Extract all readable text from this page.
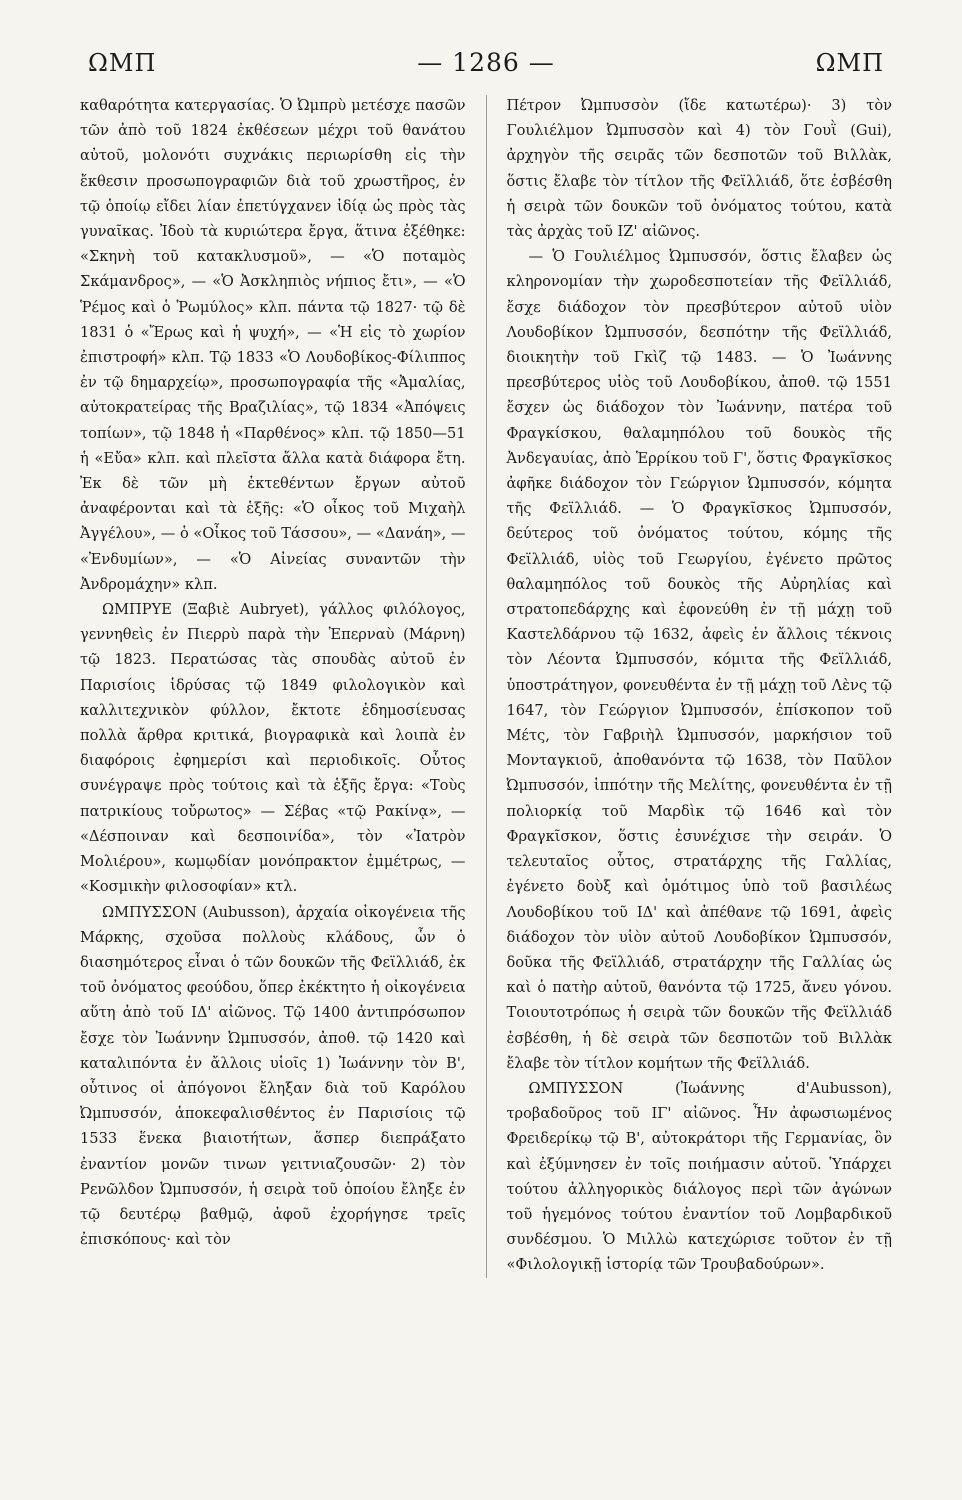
ΩΜΠ	— 1286 —	ΩΜΠ

καθαρότητα κατεργασίας. Ὁ Ὠμπρὺ μετέσχε πασῶν τῶν ἀπὸ τοῦ 1824 ἐκθέσεων μέχρι τοῦ θανάτου αὐτοῦ, μολονότι συχνάκις περιωρίσθη εἰς τὴν ἔκθεσιν προσωπογραφιῶν διὰ τοῦ χρωστῆρος, ἐν τῷ ὁποίῳ εἴδει λίαν ἐπετύγχανεν ἰδίᾳ ὡς πρὸς τὰς γυναῖκας. Ἰδοὺ τὰ κυριώτερα ἔργα, ἅτινα ἐξέθηκε: «Σκηνὴ τοῦ κατακλυσμοῦ», — «Ὁ ποταμὸς Σκάμανδρος», — «Ὁ Ἀσκληπιὸς νήπιος ἔτι», — «Ὁ Ῥέμος καὶ ὁ Ῥωμύλος» κλπ. πάντα τῷ 1827· τῷ δὲ 1831 ὁ «Ἔρως καὶ ἡ ψυχή», — «Ἡ εἰς τὸ χωρίον ἐπιστροφή» κλπ. Τῷ 1833 «Ὁ Λουδοβίκος-Φίλιππος ἐν τῷ δημαρχείῳ», προσωπογραφία τῆς «Ἀμαλίας, αὐτοκρατείρας τῆς Βραζιλίας», τῷ 1834 «Ἀπόψεις τοπίων», τῷ 1848 ἡ «Παρθένος» κλπ. τῷ 1850—51 ἡ «Εὔα» κλπ. καὶ πλεῖστα ἄλλα κατὰ διάφορα ἔτη. Ἐκ δὲ τῶν μὴ ἐκτεθέντων ἔργων αὐτοῦ ἀναφέρονται καὶ τὰ ἑξῆς: «Ὁ οἶκος τοῦ Μιχαὴλ Ἀγγέλου», — ὁ «Οἶκος τοῦ Τάσσου», — «Δανάη», — «Ἐνδυμίων», — «Ὁ Αἰνείας συναντῶν τὴν Ἀνδρομάχην» κλπ.

ΩΜΠΡΥΕ (Ξαβιὲ Aubryet), γάλλος φιλόλογος, γεννηθεὶς ἐν Πιερρὺ παρὰ τὴν Ἐπερναὺ (Μάρνη) τῷ 1823. Περατώσας τὰς σπουδὰς αὐτοῦ ἐν Παρισίοις ἱδρύσας τῷ 1849 φιλολογικὸν καὶ καλλιτεχνικὸν φύλλον, ἔκτοτε ἐδημοσίευσας πολλὰ ἄρθρα κριτικά, βιογραφικὰ καὶ λοιπὰ ἐν διαφόροις ἐφημερίσι καὶ περιοδικοῖς. Οὗτος συνέγραψε πρὸς τούτοις καὶ τὰ ἑξῆς ἔργα: «Τοὺς πατρικίους τοὔρωτος» — Σέβας «τῷ Ρακίνᾳ», — «Δέσποιναν καὶ δεσποινίδα», τὸν «Ἰατρὸν Μολιέρου», κωμῳδίαν μονόπρακτον ἐμμέτρως, — «Κοσμικὴν φιλοσοφίαν» κτλ.

ΩΜΠΥΣΣΟΝ (Aubusson), ἀρχαία οἰκογένεια τῆς Μάρκης, σχοῦσα πολλοὺς κλάδους, ὧν ὁ διασημότερος εἶναι ὁ τῶν δουκῶν τῆς Φεϊλλιάδ, ἐκ τοῦ ὀνόματος φεούδου, ὅπερ ἐκέκτητο ἡ οἰκογένεια αὕτη ἀπὸ τοῦ ΙΔ' αἰῶνος. Τῷ 1400 ἀντιπρόσωπον ἔσχε τὸν Ἰωάννην Ὠμπυσσόν, ἀποθ. τῷ 1420 καὶ καταλιπόντα ἐν ἄλλοις υἱοῖς 1) Ἰωάννην τὸν Β', οὗτινος οἱ ἀπόγονοι ἔληξαν διὰ τοῦ Καρόλου Ὠμπυσσόν, ἀποκεφαλισθέντος ἐν Παρισίοις τῷ 1533 ἕνεκα βιαιοτήτων, ἅσπερ διεπράξατο ἐναντίον μονῶν τινων γειτνιαζουσῶν· 2) τὸν Ρενῶλδον Ὠμπυσσόν, ἡ σειρὰ τοῦ ὁποίου ἔληξε ἐν τῷ δευτέρῳ βαθμῷ, ἀφοῦ ἐχορήγησε τρεῖς ἐπισκόπους· καὶ τὸν

Πέτρον Ὠμπυσσὸν (ἴδε κατωτέρω)· 3) τὸν Γουλιέλμον Ὠμπυσσὸν καὶ 4) τὸν Γουῒ (Gui), ἀρχηγὸν τῆς σειρᾶς τῶν δεσποτῶν τοῦ Βιλλὰκ, ὅστις ἔλαβε τὸν τίτλον τῆς Φεϊλλιάδ, ὅτε ἐσβέσθη ἡ σειρὰ τῶν δουκῶν τοῦ ὀνόματος τούτου, κατὰ τὰς ἀρχὰς τοῦ ΙΖ' αἰῶνος.

— Ὁ Γουλιέλμος Ὠμπυσσόν, ὅστις ἔλαβεν ὡς κληρονομίαν τὴν χωροδεσποτείαν τῆς Φεϊλλιάδ, ἔσχε διάδοχον τὸν πρεσβύτερον αὐτοῦ υἱὸν Λουδοβίκον Ὠμπυσσόν, δεσπότην τῆς Φεϊλλιάδ, διοικητὴν τοῦ Γκὶζ τῷ 1483. — Ὁ Ἰωάννης πρεσβύτερος υἱὸς τοῦ Λουδοβίκου, ἀποθ. τῷ 1551 ἔσχεν ὡς διάδοχον τὸν Ἰωάννην, πατέρα τοῦ Φραγκίσκου, θαλαμηπόλου τοῦ δουκὸς τῆς Ἀνδεγαυίας, ἀπὸ Ἑρρίκου τοῦ Γ', ὅστις Φραγκῖσκος ἀφῆκε διάδοχον τὸν Γεώργιον Ὠμπυσσόν, κόμητα τῆς Φεϊλλιάδ. — Ὁ Φραγκῖσκος Ὠμπυσσόν, δεύτερος τοῦ ὀνόματος τούτου, κόμης τῆς Φεϊλλιάδ, υἱὸς τοῦ Γεωργίου, ἐγένετο πρῶτος θαλαμηπόλος τοῦ δουκὸς τῆς Αὐρηλίας καὶ στρατοπεδάρχης καὶ ἐφονεύθη ἐν τῇ μάχῃ τοῦ Καστελδάρνου τῷ 1632, ἀφεὶς ἐν ἄλλοις τέκνοις τὸν Λέοντα Ὠμπυσσόν, κόμιτα τῆς Φεϊλλιάδ, ὑποστράτηγον, φονευθέντα ἐν τῇ μάχῃ τοῦ Λὲνς τῷ 1647, τὸν Γεώργιον Ὠμπυσσόν, ἐπίσκοπον τοῦ Μέτς, τὸν Γαβριὴλ Ὠμπυσσόν, μαρκήσιον τοῦ Μονταγκιοῦ, ἀποθανόντα τῷ 1638, τὸν Παῦλον Ὠμπυσσόν, ἱππότην τῆς Μελίτης, φονευθέντα ἐν τῇ πολιορκίᾳ τοῦ Μαρδὶκ τῷ 1646 καὶ τὸν Φραγκῖσκον, ὅστις ἐσυνέχισε τὴν σειράν. Ὁ τελευταῖος οὗτος, στρατάρχης τῆς Γαλλίας, ἐγένετο δοὺξ καὶ ὁμότιμος ὑπὸ τοῦ βασιλέως Λουδοβίκου τοῦ ΙΔ' καὶ ἀπέθανε τῷ 1691, ἀφεὶς διάδοχον τὸν υἱὸν αὐτοῦ Λουδοβίκον Ὠμπυσσόν, δοῦκα τῆς Φεϊλλιάδ, στρατάρχην τῆς Γαλλίας ὡς καὶ ὁ πατὴρ αὐτοῦ, θανόντα τῷ 1725, ἄνευ γόνου. Τοιουτοτρόπως ἡ σειρὰ τῶν δουκῶν τῆς Φεϊλλιάδ ἐσβέσθη, ἡ δὲ σειρὰ τῶν δεσποτῶν τοῦ Βιλλὰκ ἔλαβε τὸν τίτλον κομήτων τῆς Φεϊλλιάδ.

ΩΜΠΥΣΣΟΝ (Ἰωάννης d'Aubusson), τροβαδοῦρος τοῦ ΙΓ' αἰῶνος. Ἦν ἀφωσιωμένος Φρειδερίκῳ τῷ Β', αὐτοκράτορι τῆς Γερμανίας, ὃν καὶ ἐξύμνησεν ἐν τοῖς ποιήμασιν αὐτοῦ. Ὑπάρχει τούτου ἀλληγορικὸς διάλογος περὶ τῶν ἀγώνων τοῦ ἡγεμόνος τούτου ἐναντίον τοῦ Λομβαρδικοῦ συνδέσμου. Ὁ Μιλλὼ κατεχώρισε τοῦτον ἐν τῇ «Φιλολογικῇ ἱστορίᾳ τῶν Τρουβαδούρων».
